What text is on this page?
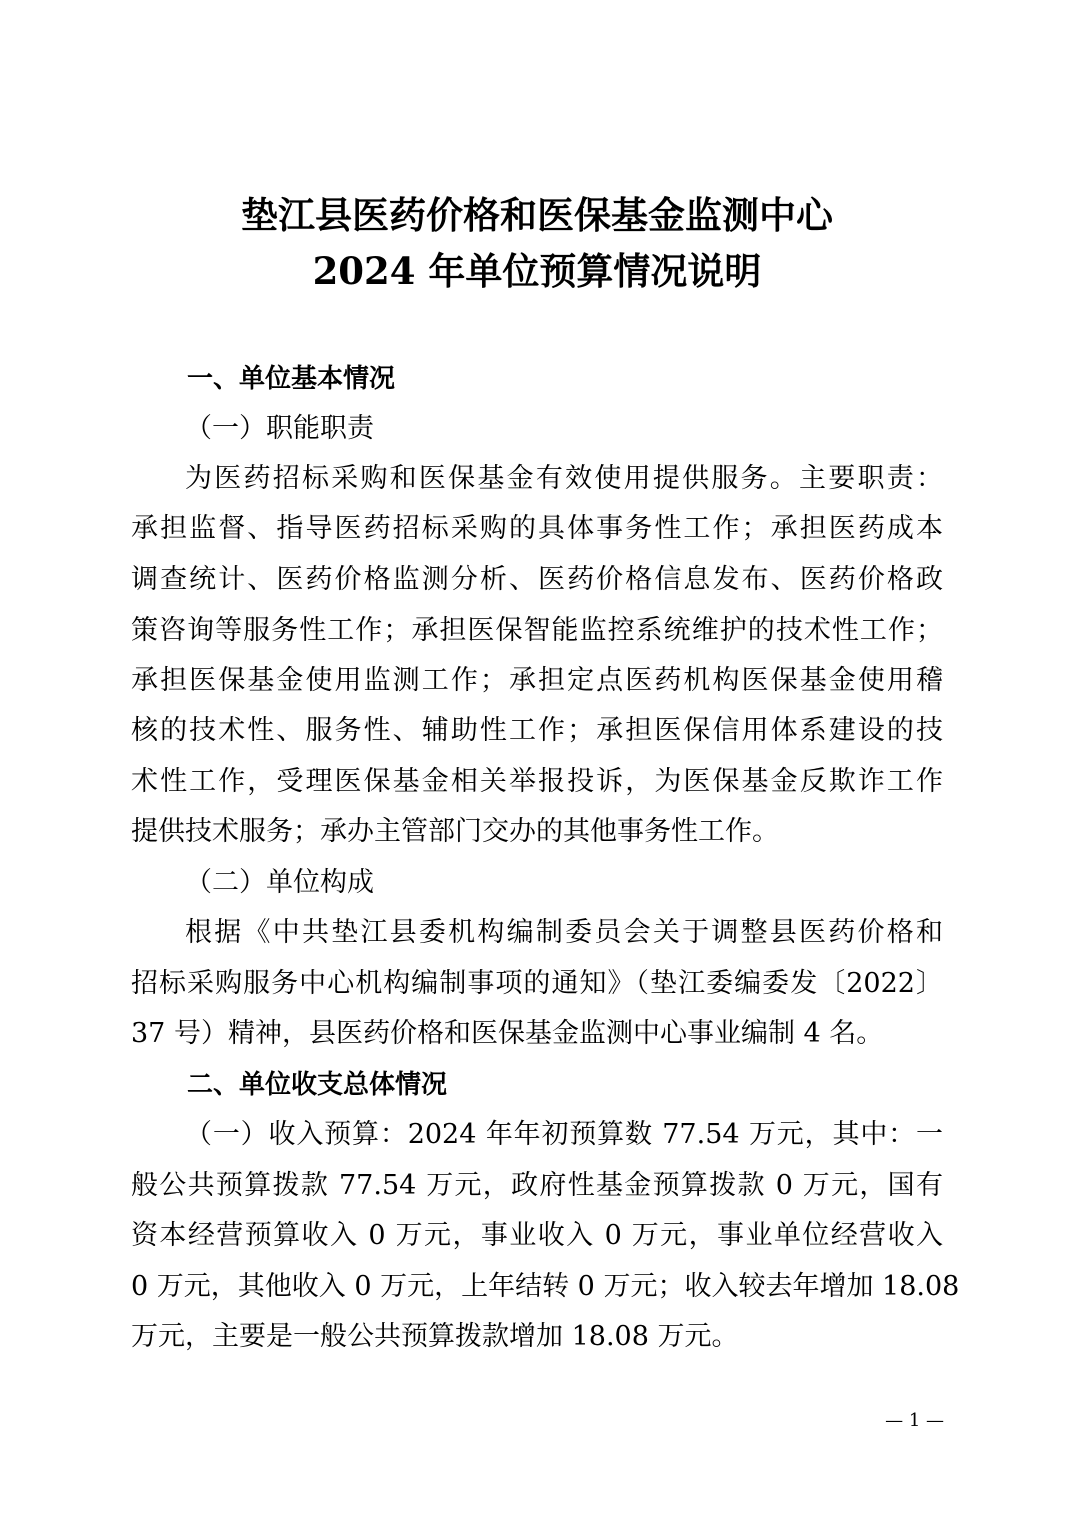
垫江县医药价格和医保基金监测中心
2024 年单位预算情况说明
一、单位基本情况
（一）职能职责
为医药招标采购和医保基金有效使用提供服务。主要职责：
承担监督、指导医药招标采购的具体事务性工作；承担医药成本
调查统计、医药价格监测分析、医药价格信息发布、医药价格政
策咨询等服务性工作；承担医保智能监控系统维护的技术性工作；
承担医保基金使用监测工作；承担定点医药机构医保基金使用稽
核的技术性、服务性、辅助性工作；承担医保信用体系建设的技
术性工作，受理医保基金相关举报投诉，为医保基金反欺诈工作
提供技术服务；承办主管部门交办的其他事务性工作。
（二）单位构成
根据《中共垫江县委机构编制委员会关于调整县医药价格和
招标采购服务中心机构编制事项的通知》（垫江委编委发〔2022〕
37 号）精神，县医药价格和医保基金监测中心事业编制 4 名。
二、单位收支总体情况
（一）收入预算：2024 年年初预算数 77.54 万元，其中：一
般公共预算拨款 77.54 万元，政府性基金预算拨款 0 万元，国有
资本经营预算收入 0 万元，事业收入 0 万元，事业单位经营收入
0 万元，其他收入 0 万元，上年结转 0 万元；收入较去年增加 18.08
万元，主要是一般公共预算拨款增加 18.08 万元。
— 1 —
